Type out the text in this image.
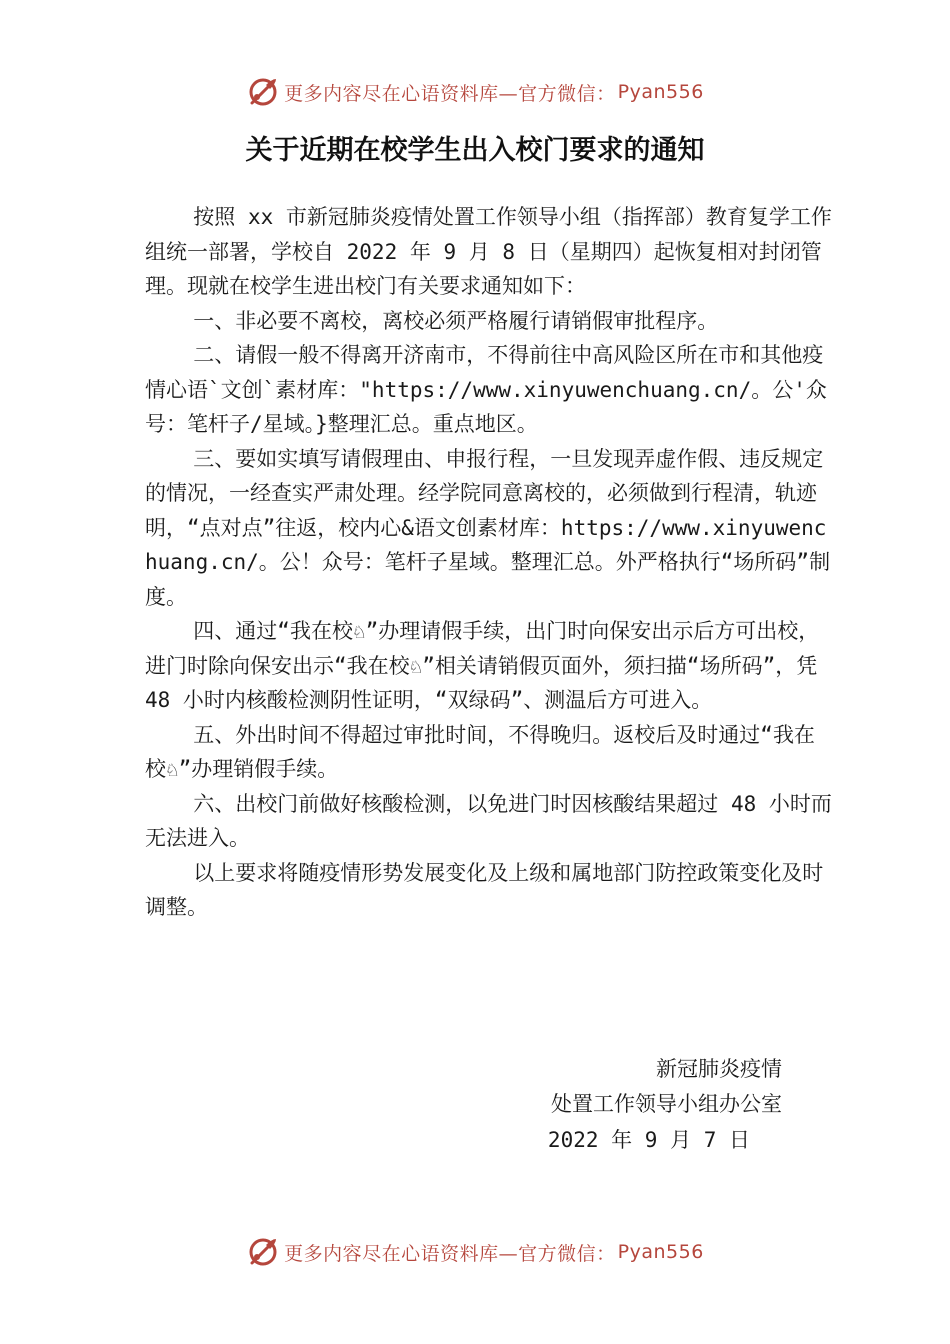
更多内容尽在心语资料库—官方微信： Pyan556
关于近期在校学生出入校门要求的通知

按照 xx 市新冠肺炎疫情处置工作领导小组（指挥部）教育复学工作组统一部署，学校自 2022 年 9 月 8 日（星期四）起恢复相对封闭管理。现就在校学生进出校门有关要求通知如下：

一、非必要不离校，离校必须严格履行请销假审批程序。

二、请假一般不得离开济南市，不得前往中高风险区所在市和其他疫情心语`文创`素材库："https://www.xinyuwenchuang.cn/。公'众号：笔杆子/星域。}整理汇总。重点地区。

三、要如实填写请假理由、申报行程，一旦发现弄虚作假、违反规定的情况，一经查实严肃处理。经学院同意离校的，必须做到行程清，轨迹明，“点对点”往返，校内心&语文创素材库：https://www.xinyuwenchuang.cn/。公！众号：笔杆子星域。整理汇总。外严格执行“场所码”制度。

四、通过“我在校♘”办理请假手续，出门时向保安出示后方可出校，进门时除向保安出示“我在校♘”相关请销假页面外，须扫描“场所码”，凭 48 小时内核酸检测阴性证明，“双绿码”、测温后方可进入。

五、外出时间不得超过审批时间，不得晚归。返校后及时通过“我在校♘”办理销假手续。

六、出校门前做好核酸检测，以免进门时因核酸结果超过 48 小时而无法进入。

以上要求将随疫情形势发展变化及上级和属地部门防控政策变化及时调整。

新冠肺炎疫情
处置工作领导小组办公室
2022 年 9 月 7 日
更多内容尽在心语资料库—官方微信： Pyan556
